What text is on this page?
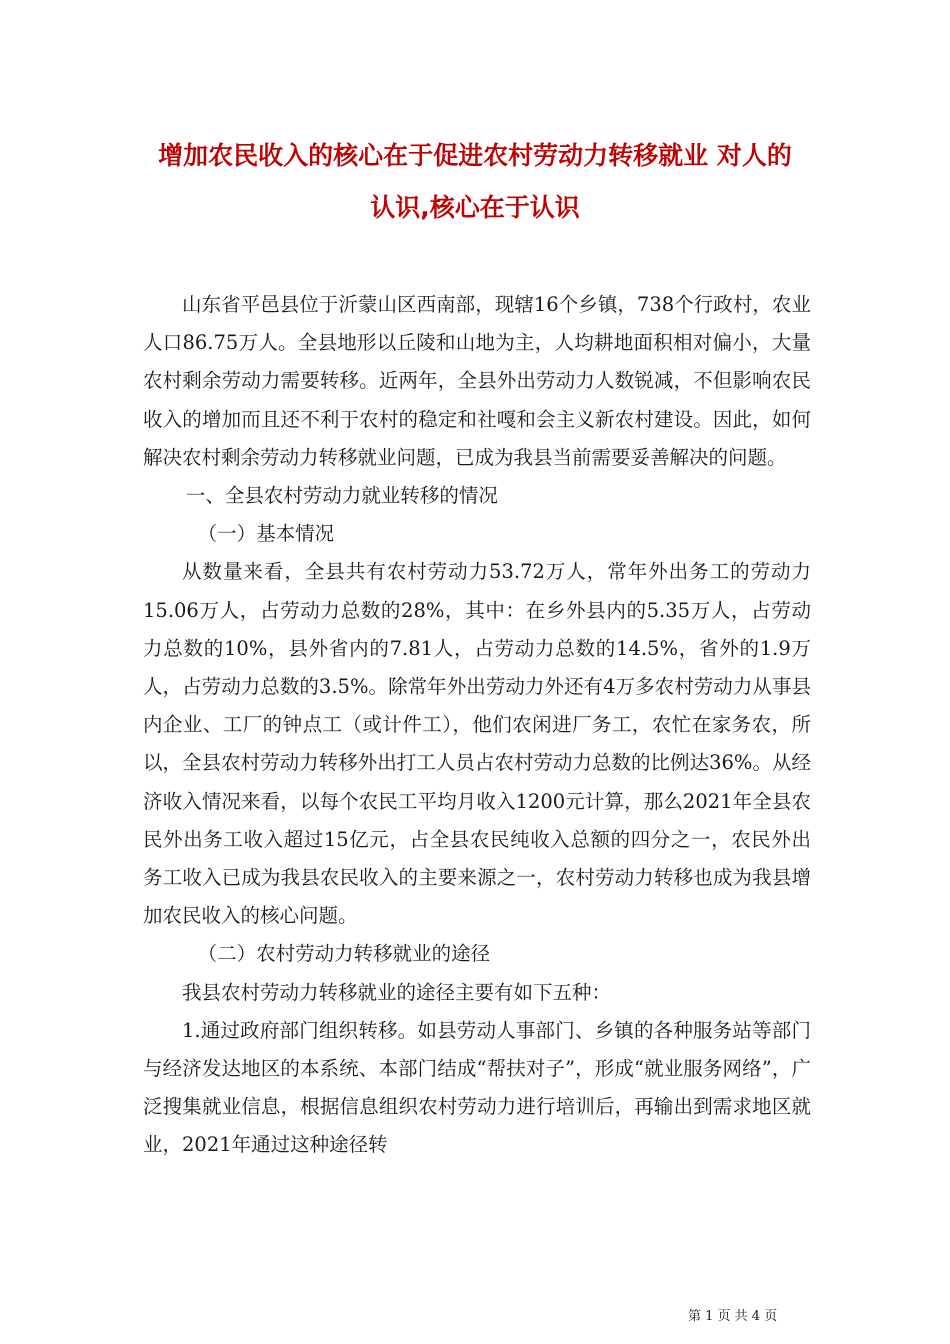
增加农民收入的核心在于促进农村劳动力转移就业 对人的
认识,核心在于认识

山东省平邑县位于沂蒙山区西南部，现辖16个乡镇，738个行政村，农业人口86.75万人。全县地形以丘陵和山地为主，人均耕地面积相对偏小，大量农村剩余劳动力需要转移。近两年，全县外出劳动力人数锐减，不但影响农民收入的增加而且还不利于农村的稳定和社嘎和会主义新农村建设。因此，如何解决农村剩余劳动力转移就业问题，已成为我县当前需要妥善解决的问题。

一、全县农村劳动力就业转移的情况

（一）基本情况

从数量来看，全县共有农村劳动力53.72万人，常年外出务工的劳动力15.06万人，占劳动力总数的28%，其中：在乡外县内的5.35万人，占劳动力总数的10%，县外省内的7.81人，占劳动力总数的14.5%，省外的1.9万人，占劳动力总数的3.5%。除常年外出劳动力外还有4万多农村劳动力从事县内企业、工厂的钟点工（或计件工），他们农闲进厂务工，农忙在家务农，所以，全县农村劳动力转移外出打工人员占农村劳动力总数的比例达36%。从经济收入情况来看，以每个农民工平均月收入1200元计算，那么2021年全县农民外出务工收入超过15亿元，占全县农民纯收入总额的四分之一，农民外出务工收入已成为我县农民收入的主要来源之一，农村劳动力转移也成为我县增加农民收入的核心问题。

（二）农村劳动力转移就业的途径

我县农村劳动力转移就业的途径主要有如下五种：

1.通过政府部门组织转移。如县劳动人事部门、乡镇的各种服务站等部门与经济发达地区的本系统、本部门结成“帮扶对子”，形成“就业服务网络”，广泛搜集就业信息，根据信息组织农村劳动力进行培训后，再输出到需求地区就业，2021年通过这种途径转

第 1 页 共 4 页
